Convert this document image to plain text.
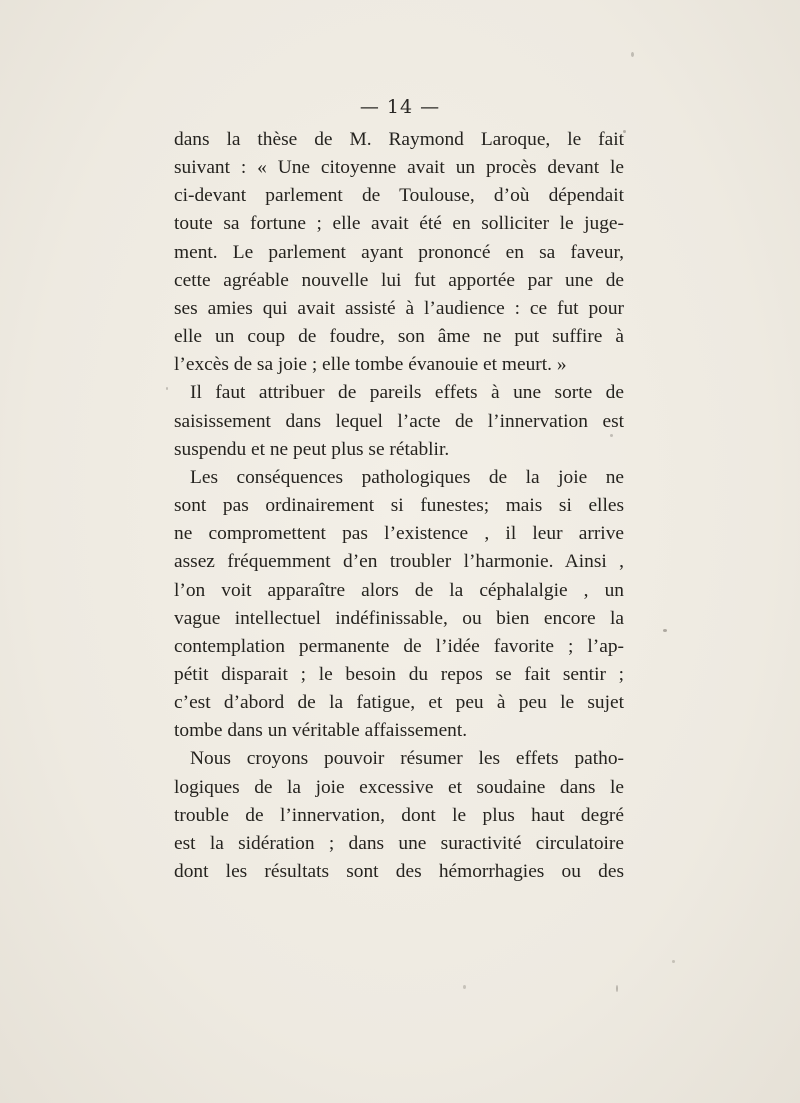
— 14 —
dans la thèse de M. Raymond Laroque, le fait
suivant : « Une citoyenne avait un procès devant le
ci-devant parlement de Toulouse, d’où dépendait
toute sa fortune ; elle avait été en solliciter le juge-
ment. Le parlement ayant prononcé en sa faveur,
cette agréable nouvelle lui fut apportée par une de
ses amies qui avait assisté à l’audience : ce fut pour
elle un coup de foudre, son âme ne put suffire à
l’excès de sa joie ; elle tombe évanouie et meurt. »
Il faut attribuer de pareils effets à une sorte de
saisissement dans lequel l’acte de l’innervation est
suspendu et ne peut plus se rétablir.
Les conséquences pathologiques de la joie ne
sont pas ordinairement si funestes; mais si elles
ne compromettent pas l’existence , il leur arrive
assez fréquemment d’en troubler l’harmonie. Ainsi ,
l’on voit apparaître alors de la céphalalgie , un
vague intellectuel indéfinissable, ou bien encore la
contemplation permanente de l’idée favorite ; l’ap-
pétit disparait ; le besoin du repos se fait sentir ;
c’est d’abord de la fatigue, et peu à peu le sujet
tombe dans un véritable affaissement.
Nous croyons pouvoir résumer les effets patho-
logiques de la joie excessive et soudaine dans le
trouble de l’innervation, dont le plus haut degré
est la sidération ; dans une suractivité circulatoire
dont les résultats sont des hémorrhagies ou des
